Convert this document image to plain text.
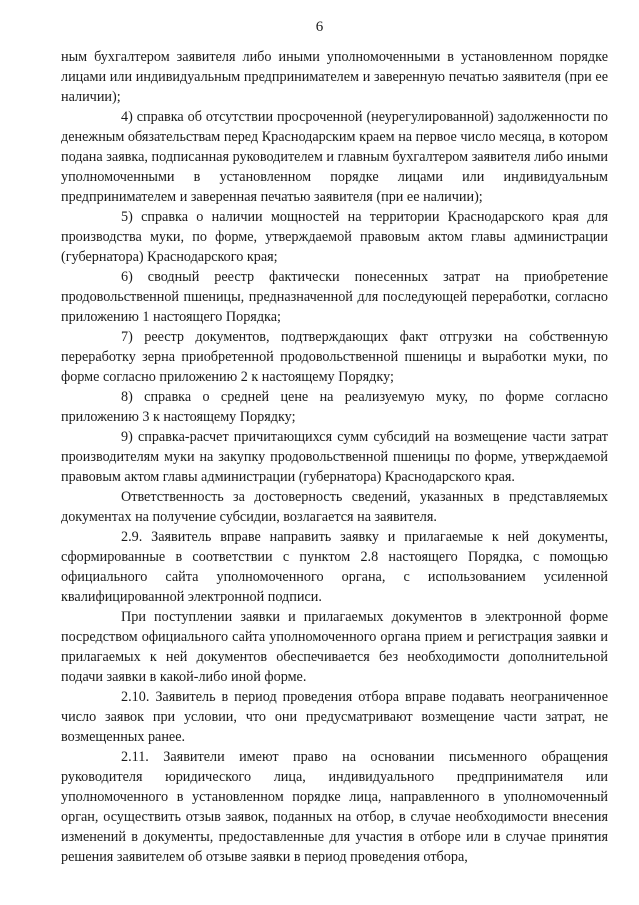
6

ным бухгалтером заявителя либо иными уполномоченными в установленном порядке лицами или индивидуальным предпринимателем и заверенную печатью заявителя (при ее наличии);

4) справка об отсутствии просроченной (неурегулированной) задолженности по денежным обязательствам перед Краснодарским краем на первое число месяца, в котором подана заявка, подписанная руководителем и главным бухгалтером заявителя либо иными уполномоченными в установленном порядке лицами или индивидуальным предпринимателем и заверенная печатью заявителя (при ее наличии);

5) справка о наличии мощностей на территории Краснодарского края для производства муки, по форме, утверждаемой правовым актом главы администрации (губернатора) Краснодарского края;

6) сводный реестр фактически понесенных затрат на приобретение продовольственной пшеницы, предназначенной для последующей переработки, согласно приложению 1 настоящего Порядка;

7) реестр документов, подтверждающих факт отгрузки на собственную переработку зерна приобретенной продовольственной пшеницы и выработки муки, по форме согласно приложению 2 к настоящему Порядку;

8) справка о средней цене на реализуемую муку, по форме согласно приложению 3 к настоящему Порядку;

9) справка-расчет причитающихся сумм субсидий на возмещение части затрат производителям муки на закупку продовольственной пшеницы по форме, утверждаемой правовым актом главы администрации (губернатора) Краснодарского края.

Ответственность за достоверность сведений, указанных в представляемых документах на получение субсидии, возлагается на заявителя.

2.9. Заявитель вправе направить заявку и прилагаемые к ней документы, сформированные в соответствии с пунктом 2.8 настоящего Порядка, с помощью официального сайта уполномоченного органа, с использованием усиленной квалифицированной электронной подписи.

При поступлении заявки и прилагаемых документов в электронной форме посредством официального сайта уполномоченного органа прием и регистрация заявки и прилагаемых к ней документов обеспечивается без необходимости дополнительной подачи заявки в какой-либо иной форме.

2.10. Заявитель в период проведения отбора вправе подавать неограниченное число заявок при условии, что они предусматривают возмещение части затрат, не возмещенных ранее.

2.11. Заявители имеют право на основании письменного обращения руководителя юридического лица, индивидуального предпринимателя или уполномоченного в установленном порядке лица, направленного в уполномоченный орган, осуществить отзыв заявок, поданных на отбор, в случае необходимости внесения изменений в документы, предоставленные для участия в отборе или в случае принятия решения заявителем об отзыве заявки в период проведения отбора,
